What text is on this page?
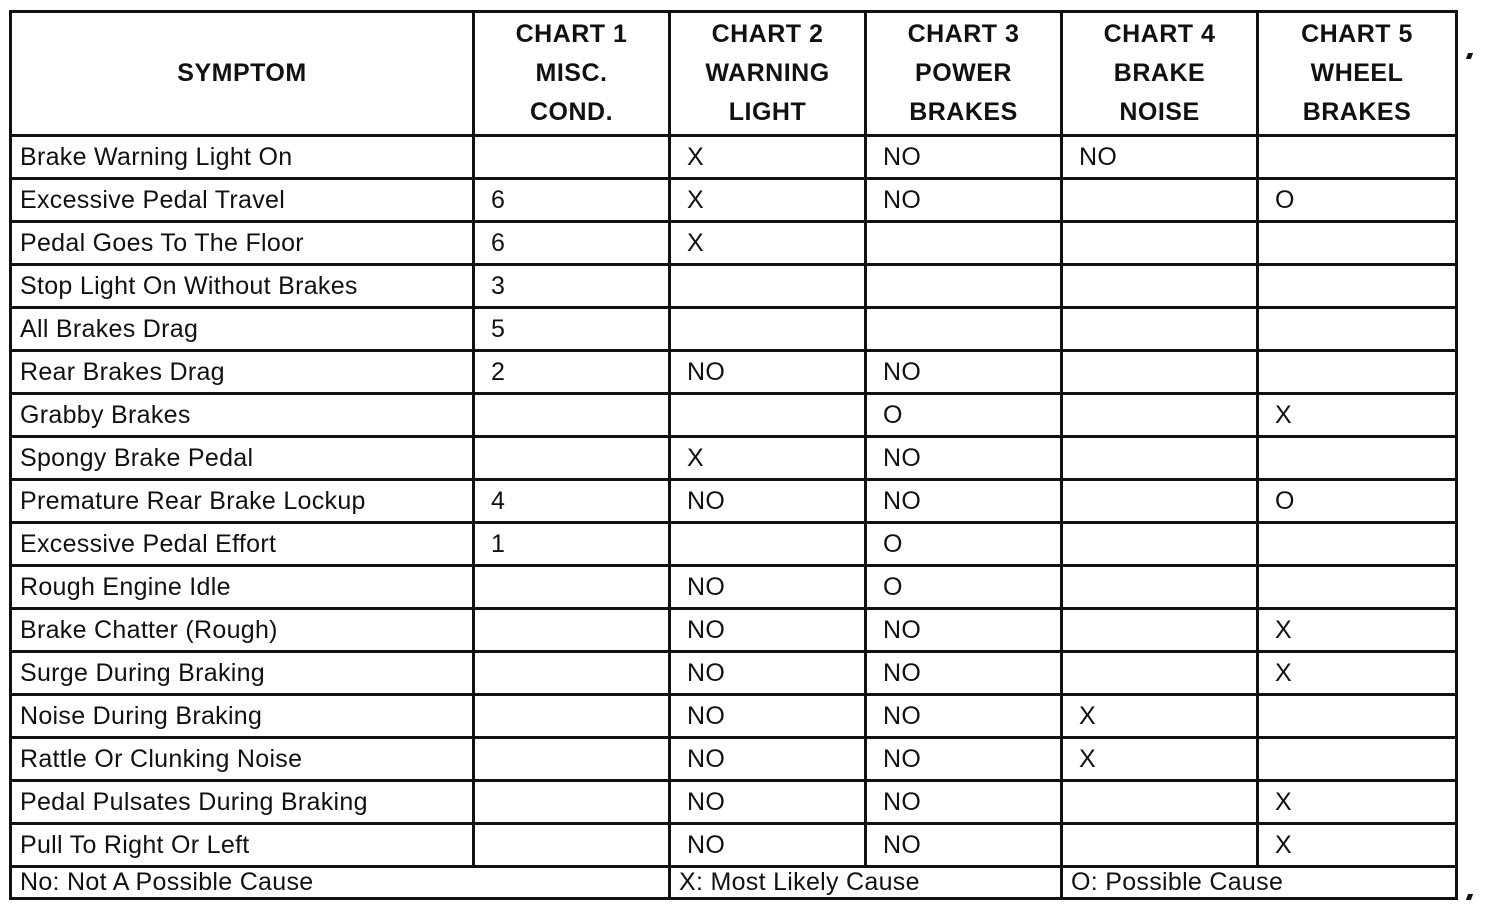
SYMPTOM	CHART 1
MISC.
COND.	CHART 2
WARNING
LIGHT	CHART 3
POWER
BRAKES	CHART 4
BRAKE
NOISE	CHART 5
WHEEL
BRAKES

Brake Warning Light On		X	NO	NO	
Excessive Pedal Travel	6	X	NO		O
Pedal Goes To The Floor	6	X			
Stop Light On Without Brakes	3				
All Brakes Drag	5				
Rear Brakes Drag	2	NO	NO		
Grabby Brakes			O		X
Spongy Brake Pedal		X	NO		
Premature Rear Brake Lockup	4	NO	NO		O
Excessive Pedal Effort	1		O		
Rough Engine Idle		NO	O		
Brake Chatter (Rough)		NO	NO		X
Surge During Braking		NO	NO		X
Noise During Braking		NO	NO	X	
Rattle Or Clunking Noise		NO	NO	X	
Pedal Pulsates During Braking		NO	NO		X
Pull To Right Or Left		NO	NO		X
No: Not A Possible Cause		X: Most Likely Cause		O: Possible Cause	
